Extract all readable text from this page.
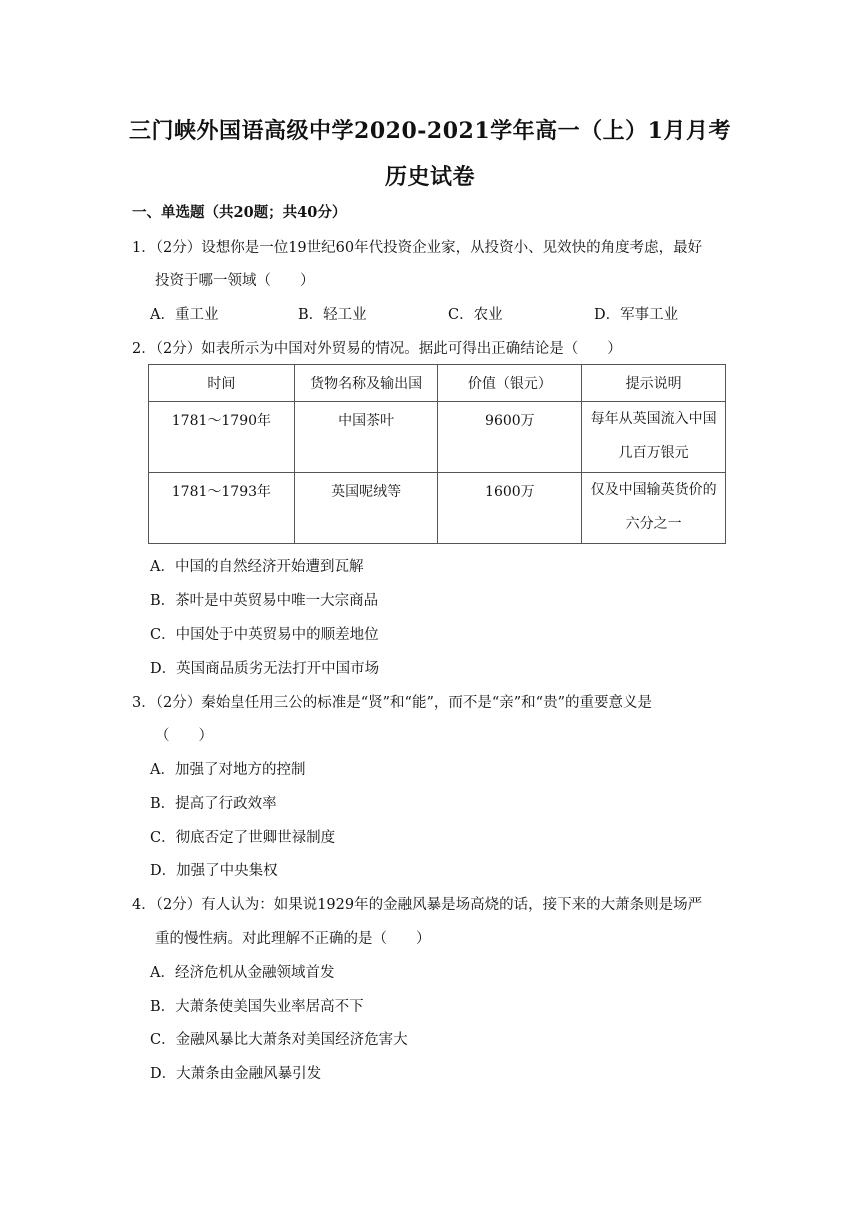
三门峡外国语高级中学2020-2021学年高一（上）1月月考
历史试卷
一、单选题（共20题；共40分）
1．（2分）设想你是一位19世纪60年代投资企业家，从投资小、见效快的角度考虑，最好
投资于哪一领域（　　）
A．重工业	B．轻工业	C．农业	D．军事工业
2．（2分）如表所示为中国对外贸易的情况。据此可得出正确结论是（　　）
时间	货物名称及输出国	价值（银元）	提示说明
1781～1790年	中国茶叶	9600万	每年从英国流入中国
几百万银元

1781～1793年	英国呢绒等	1600万	仅及中国输英货价的
六分之一
A．中国的自然经济开始遭到瓦解
B．茶叶是中英贸易中唯一大宗商品
C．中国处于中英贸易中的顺差地位
D．英国商品质劣无法打开中国市场
3．（2分）秦始皇任用三公的标准是“贤”和“能”，而不是“亲”和“贵”的重要意义是
（　　）
A．加强了对地方的控制
B．提高了行政效率
C．彻底否定了世卿世禄制度
D．加强了中央集权
4．（2分）有人认为：如果说1929年的金融风暴是场高烧的话，接下来的大萧条则是场严
重的慢性病。对此理解不正确的是（　　）
A．经济危机从金融领域首发
B．大萧条使美国失业率居高不下
C．金融风暴比大萧条对美国经济危害大
D．大萧条由金融风暴引发
